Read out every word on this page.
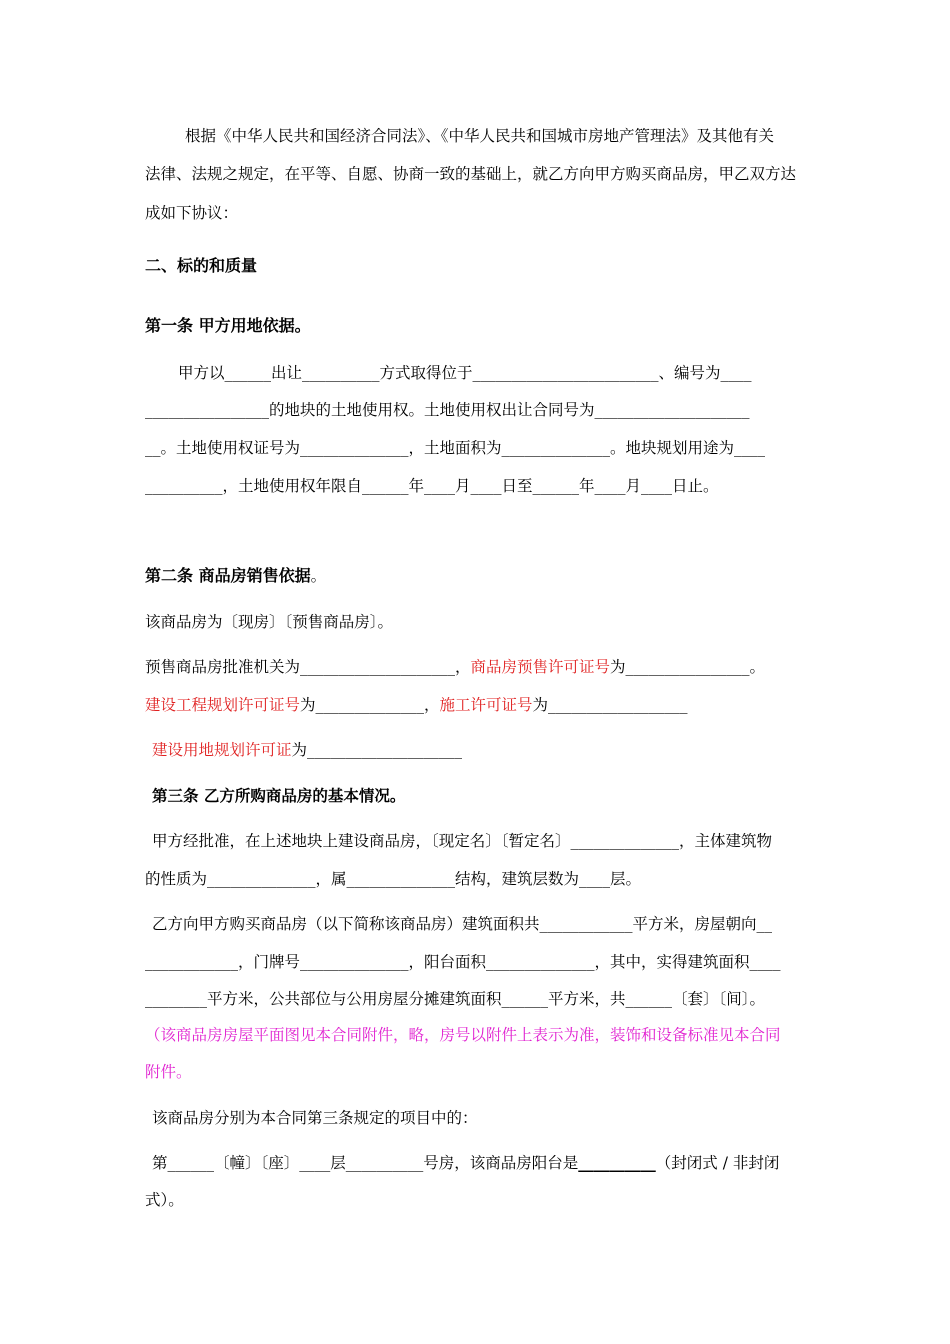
根据《中华人民共和国经济合同法》、《中华人民共和国城市房地产管理法》及其他有关
法律、法规之规定，在平等、自愿、协商一致的基础上，就乙方向甲方购买商品房，甲乙双方达
成如下协议：
二、标的和质量
第一条 甲方用地依据。
甲方以______出让__________方式取得位于________________________、编号为____
________________的地块的土地使用权。土地使用权出让合同号为____________________
__。土地使用权证号为______________，土地面积为______________。地块规划用途为____
__________，土地使用权年限自______年____月____日至______年____月____日止。
第二条 商品房销售依据。
该商品房为〔现房〕〔预售商品房〕。
预售商品房批准机关为____________________，商品房预售许可证号为________________。
建设工程规划许可证号为______________，施工许可证号为__________________
建设用地规划许可证为____________________
第三条 乙方所购商品房的基本情况。
甲方经批准，在上述地块上建设商品房，〔现定名〕〔暂定名〕______________，主体建筑物
的性质为______________，属______________结构，建筑层数为____层。
乙方向甲方购买商品房（以下简称该商品房）建筑面积共____________平方米，房屋朝向__
____________，门牌号______________，阳台面积______________，其中，实得建筑面积____
________平方米，公共部位与公用房屋分摊建筑面积______平方米，共______〔套〕〔间〕。
（该商品房房屋平面图见本合同附件，略，房号以附件上表示为准，装饰和设备标准见本合同
附件。
该商品房分别为本合同第三条规定的项目中的：
第______〔幢〕〔座〕____层__________号房，该商品房阳台是__________（封闭式 / 非封闭
式）。
